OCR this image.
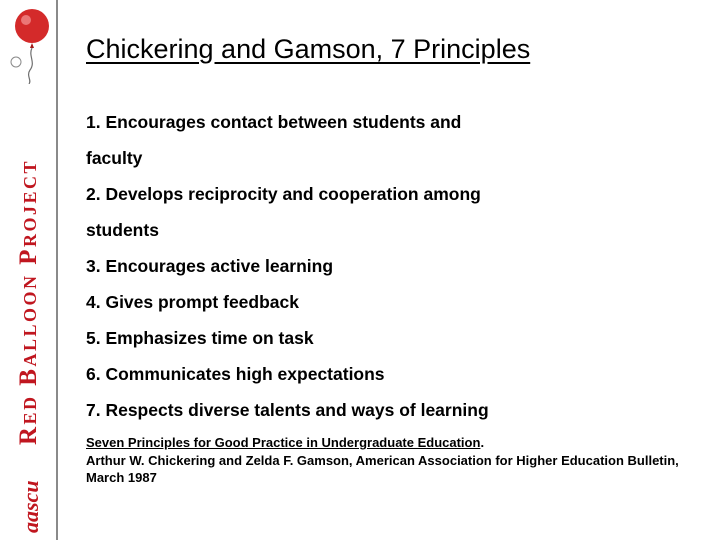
Red Balloon Project
aascu
Chickering and Gamson, 7 Principles
1. Encourages contact between students and faculty
2. Develops reciprocity and cooperation among students
3. Encourages active learning
4. Gives prompt feedback
5. Emphasizes time on task
6. Communicates high expectations
7. Respects diverse talents and ways of learning
Seven Principles for Good Practice in Undergraduate Education.
Arthur W. Chickering and Zelda F. Gamson, American Association for Higher Education Bulletin, March 1987
